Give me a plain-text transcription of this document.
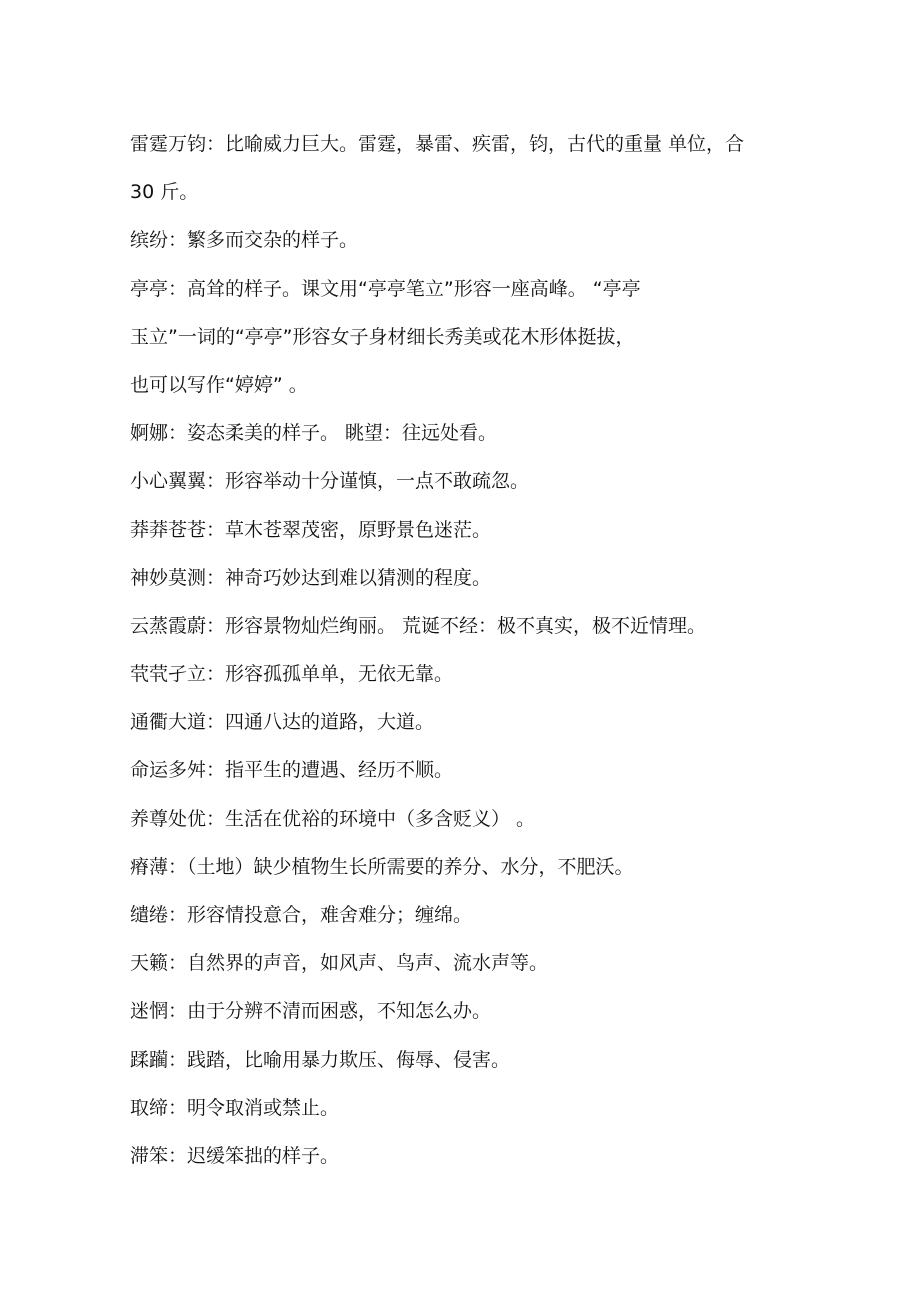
雷霆万钧：比喻威力巨大。雷霆，暴雷、疾雷，钧，古代的重量 单位，合
30 斤。
缤纷：繁多而交杂的样子。
亭亭：高耸的样子。课文用“亭亭笔立”形容一座高峰。 “亭亭
玉立”一词的“亭亭”形容女子身材细长秀美或花木形体挺拔，
也可以写作“婷婷” 。
婀娜：姿态柔美的样子。 眺望：往远处看。
小心翼翼：形容举动十分谨慎，一点不敢疏忽。
莽莽苍苍：草木苍翠茂密，原野景色迷茫。
神妙莫测：神奇巧妙达到难以猜测的程度。
云蒸霞蔚：形容景物灿烂绚丽。 荒诞不经：极不真实，极不近情理。
茕茕孑立：形容孤孤单单，无依无靠。
通衢大道：四通八达的道路，大道。
命运多舛：指平生的遭遇、经历不顺。
养尊处优：生活在优裕的环境中（多含贬义） 。
瘠薄：（土地）缺少植物生长所需要的养分、水分，不肥沃。
缱绻：形容情投意合，难舍难分；缠绵。
天籁：自然界的声音，如风声、鸟声、流水声等。
迷惘：由于分辨不清而困惑，不知怎么办。
蹂躏：践踏，比喻用暴力欺压、侮辱、侵害。
取缔：明令取消或禁止。
滞笨：迟缓笨拙的样子。
